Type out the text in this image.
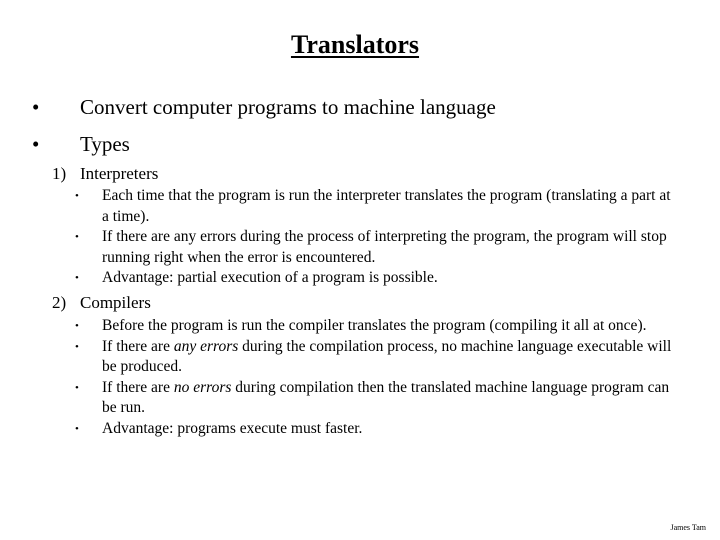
Translators
• Convert computer programs to machine language
• Types
1) Interpreters
• Each time that the program is run the interpreter translates the program (translating a part at a time).
• If there are any errors during the process of interpreting the program, the program will stop running right when the error is encountered.
• Advantage: partial execution of a program is possible.
2) Compilers
• Before the program is run the compiler translates the program (compiling it all at once).
• If there are any errors during the compilation process, no machine language executable will be produced.
• If there are no errors during compilation then the translated machine language program can be run.
• Advantage: programs execute must faster.
James Tam
